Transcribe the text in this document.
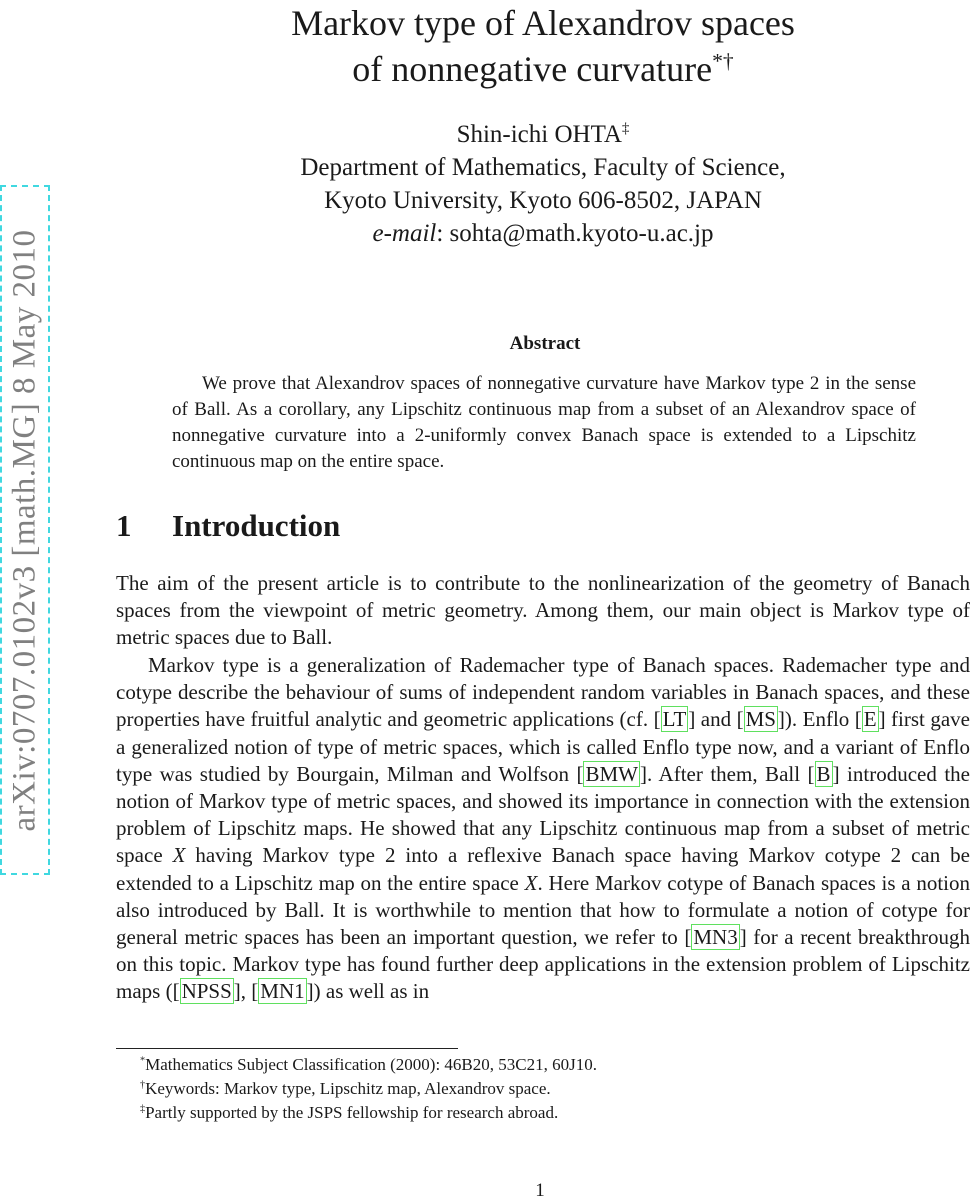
arXiv:0707.0102v3 [math.MG] 8 May 2010
Markov type of Alexandrov spaces
of nonnegative curvature*†
Shin-ichi OHTA‡
Department of Mathematics, Faculty of Science,
Kyoto University, Kyoto 606-8502, JAPAN
e-mail: sohta@math.kyoto-u.ac.jp
Abstract
We prove that Alexandrov spaces of nonnegative curvature have Markov type 2 in the sense of Ball. As a corollary, any Lipschitz continuous map from a subset of an Alexandrov space of nonnegative curvature into a 2-uniformly convex Banach space is extended to a Lipschitz continuous map on the entire space.
1 Introduction
The aim of the present article is to contribute to the nonlinearization of the geometry of Banach spaces from the viewpoint of metric geometry. Among them, our main object is Markov type of metric spaces due to Ball.
Markov type is a generalization of Rademacher type of Banach spaces. Rademacher type and cotype describe the behaviour of sums of independent random variables in Banach spaces, and these properties have fruitful analytic and geometric applications (cf. [LT] and [MS]). Enflo [E] first gave a generalized notion of type of metric spaces, which is called Enflo type now, and a variant of Enflo type was studied by Bourgain, Milman and Wolfson [BMW]. After them, Ball [B] introduced the notion of Markov type of metric spaces, and showed its importance in connection with the extension problem of Lipschitz maps. He showed that any Lipschitz continuous map from a subset of metric space X having Markov type 2 into a reflexive Banach space having Markov cotype 2 can be extended to a Lipschitz map on the entire space X. Here Markov cotype of Banach spaces is a notion also introduced by Ball. It is worthwhile to mention that how to formulate a notion of cotype for general metric spaces has been an important question, we refer to [MN3] for a recent breakthrough on this topic. Markov type has found further deep applications in the extension problem of Lipschitz maps ([NPSS], [MN1]) as well as in
*Mathematics Subject Classification (2000): 46B20, 53C21, 60J10.
†Keywords: Markov type, Lipschitz map, Alexandrov space.
‡Partly supported by the JSPS fellowship for research abroad.
1
